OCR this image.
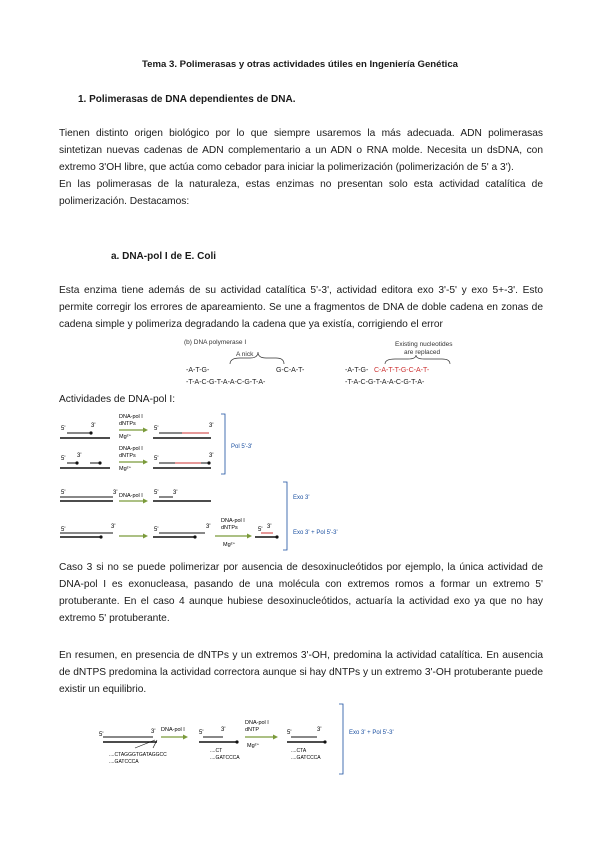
Tema 3. Polimerasas y otras actividades útiles en Ingeniería Genética
1. Polimerasas de DNA dependientes de DNA.

Tienen distinto origen biológico por lo que siempre usaremos la más adecuada. ADN polimerasas sintetizan nuevas cadenas de ADN complementario a un ADN o RNA molde. Necesita un dsDNA, con extremo 3'OH libre, que actúa como cebador para iniciar la polimerización (polimerización de 5' a 3').

En las polimerasas de la naturaleza, estas enzimas no presentan solo esta actividad catalítica de polimerización. Destacamos:

a. DNA-pol I de E. Coli

Esta enzima tiene además de su actividad catalítica 5'-3', actividad editora exo 3'-5' y exo 5+-3'. Esto permite corregir los errores de apareamiento. Se une a fragmentos de DNA de doble cadena en zonas de cadena simple y polimeriza degradando la cadena que ya existía, corrigiendo el error

(b) DNA polymerase I
A nick
-A-T-G-	G-C-A-T-
-T-A-C-G-T-A-A-C-G-T-A-
Existing nucleotides
are replaced
-A-T-G- C-A-T-T-G-C-A-T-
-T-A-C-G-T-A-A-C-G-T-A-
Actividades de DNA-pol I:
5'	3'
DNA-pol I
dNTPs
Mg²⁺
5'	3'
5' 3'
DNA-pol I
dNTPs
Mg²⁺
5'	3'
Pol 5'-3'
5'	3' DNA-pol I 5' 3'
5'	3'
5'	5'	3'
DNA-pol I
dNTPs
Mg²⁺
5' 3'
Exo 3'
Exo 3' + Pol 5'-3'

Caso 3 si no se puede polimerizar por ausencia de desoxinucleótidos por ejemplo, la única actividad de DNA-pol I es exonucleasa, pasando de una molécula con extremos romos a formar un extremo 5' protuberante. En el caso 4 aunque hubiese desoxinucleótidos, actuaría la actividad exo ya que no hay extremo 5' protuberante.

En resumen, en presencia de dNTPs y un extremos 3'-OH, predomina la actividad catalítica. En ausencia de dNTPS predomina la actividad correctora aunque si hay dNTPs y un extremo 3'-OH protuberante puede existir un equilibrio.

5'	3'
....CTAGGGTGATAGGCC
....GATCCCA
DNA-pol I 5'	3'
....CT
....GATCCCA
DNA-pol I
dNTP
Mg²⁺
5'	3'
....CTA
....GATCCCA
Exo 3' + Pol 5'-3'
